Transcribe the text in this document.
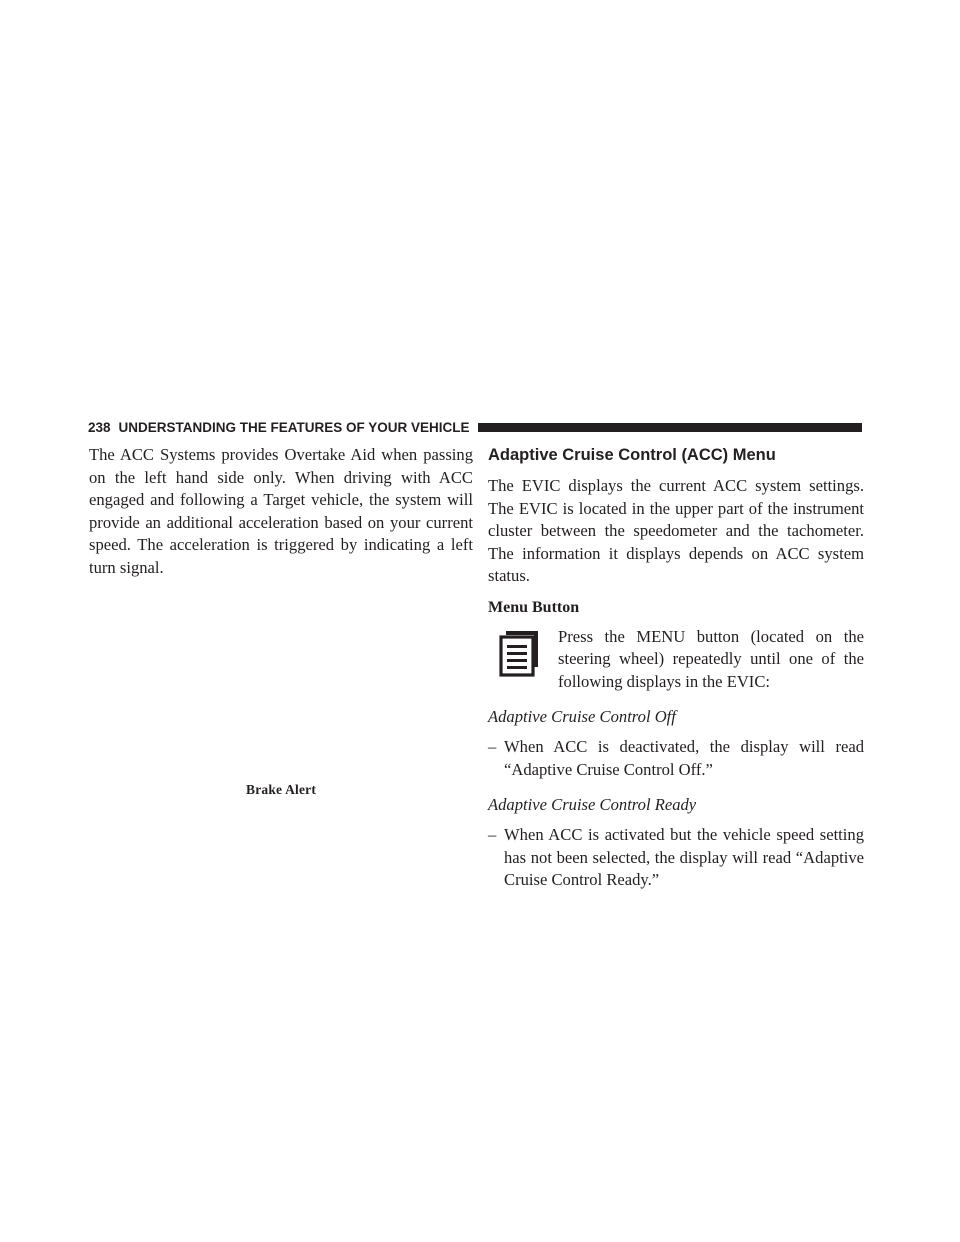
238 UNDERSTANDING THE FEATURES OF YOUR VEHICLE

The ACC Systems provides Overtake Aid when passing on the left hand side only. When driving with ACC engaged and following a Target vehicle, the system will provide an additional acceleration based on your current speed. The acceleration is triggered by indicating a left turn signal.

Brake Alert
Adaptive Cruise Control (ACC) Menu

The EVIC displays the current ACC system settings. The EVIC is located in the upper part of the instrument cluster between the speedometer and the tachometer. The information it displays depends on ACC system status.

Menu Button

Press the MENU button (located on the steering wheel) repeatedly until one of the following displays in the EVIC:

Adaptive Cruise Control Off

– When ACC is deactivated, the display will read “Adaptive Cruise Control Off.”

Adaptive Cruise Control Ready

– When ACC is activated but the vehicle speed setting has not been selected, the display will read “Adaptive Cruise Control Ready.”
